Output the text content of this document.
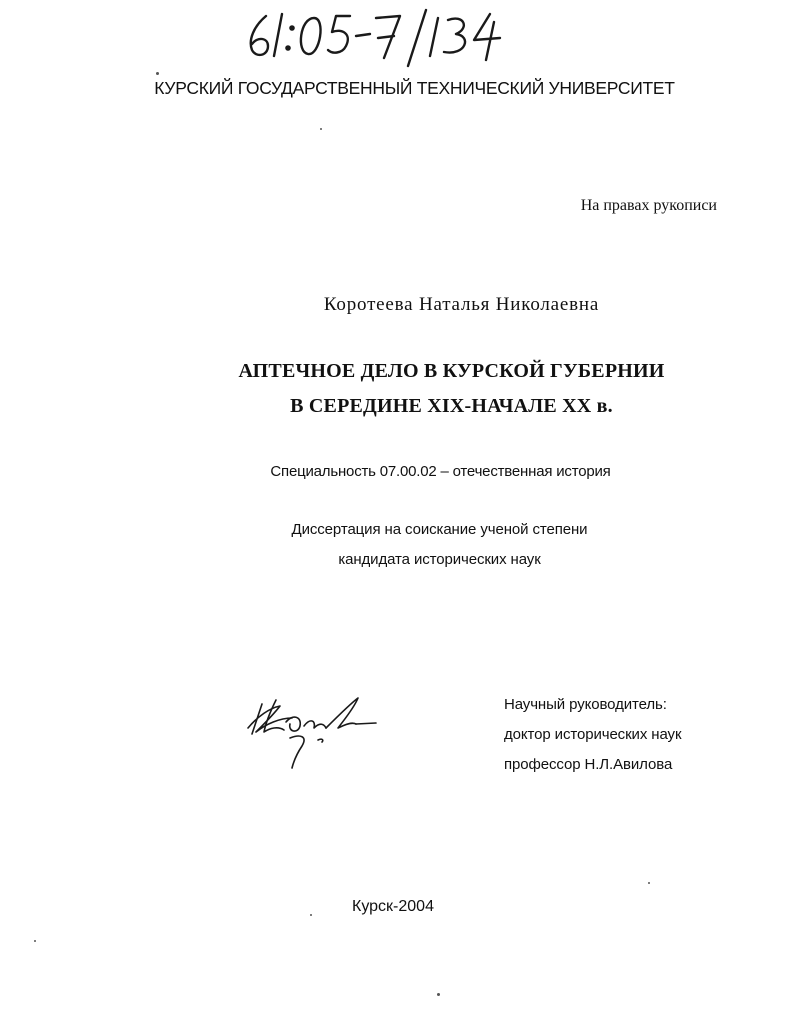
КУРСКИЙ ГОСУДАРСТВЕННЫЙ ТЕХНИЧЕСКИЙ УНИВЕРСИТЕТ
На правах рукописи
Коротеева Наталья Николаевна
АПТЕЧНОЕ ДЕЛО В КУРСКОЙ ГУБЕРНИИ
В СЕРЕДИНЕ XIX-НАЧАЛЕ XX в.
Специальность 07.00.02 – отечественная история
Диссертация на соискание ученой степени
кандидата исторических наук
Научный руководитель:
доктор исторических наук
профессор Н.Л.Авилова
Курск-2004
